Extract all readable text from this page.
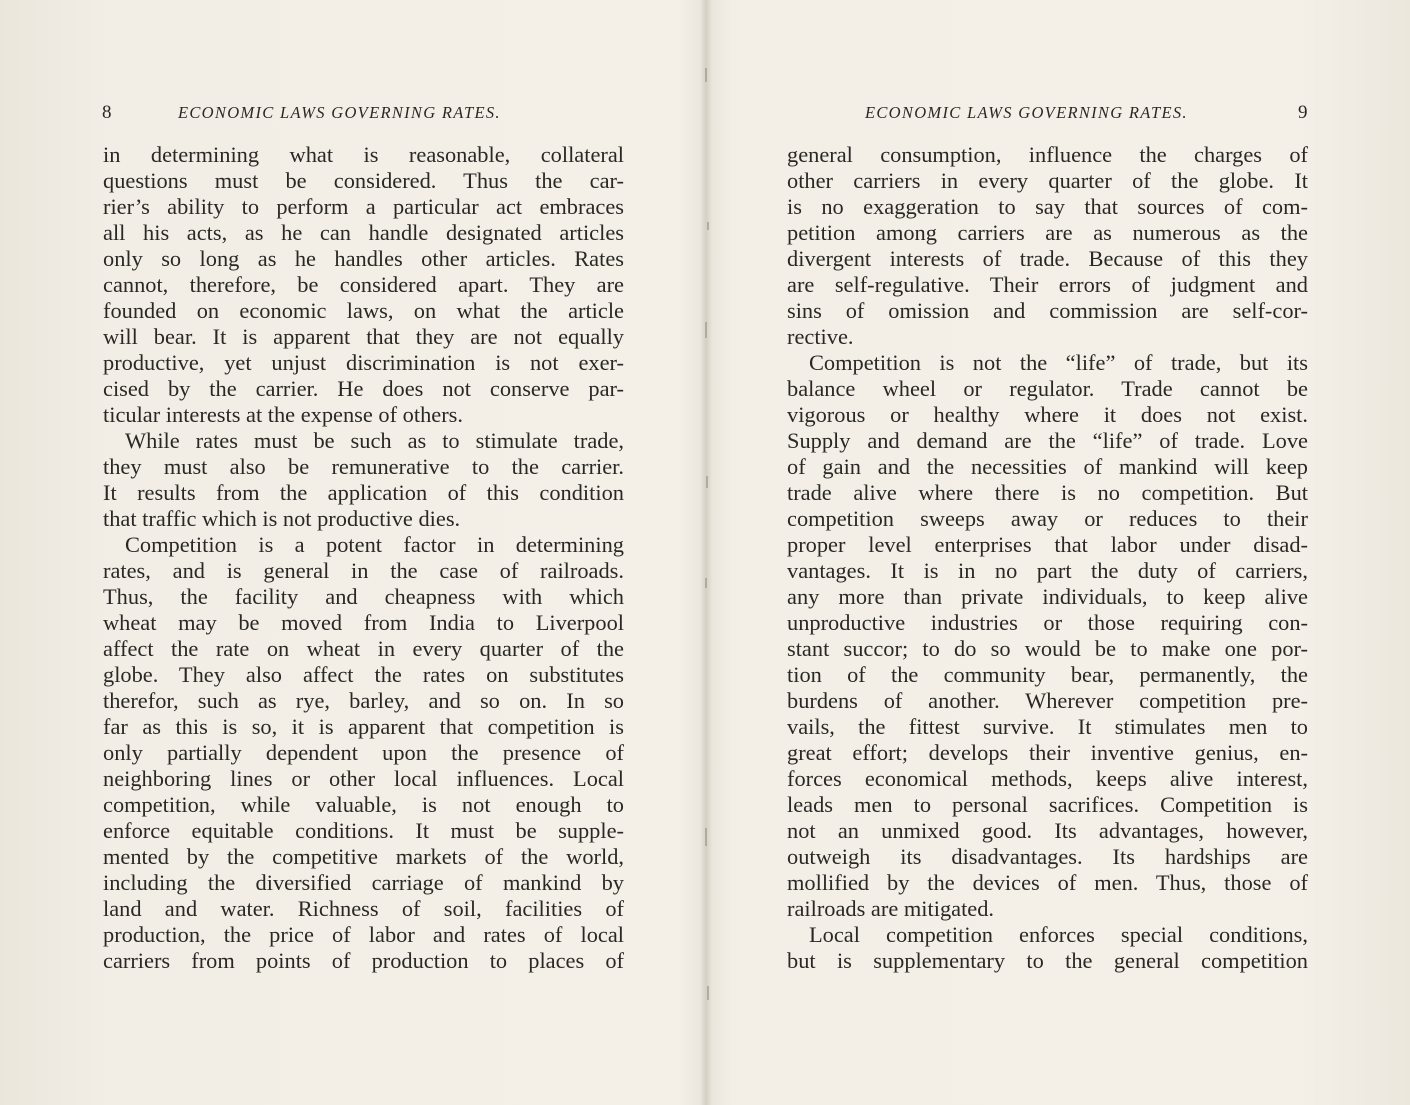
8	ECONOMIC LAWS GOVERNING RATES.
in determining what is reasonable, collateral
questions must be considered. Thus the car-
rier’s ability to perform a particular act embraces
all his acts, as he can handle designated articles
only so long as he handles other articles. Rates
cannot, therefore, be considered apart. They are
founded on economic laws, on what the article
will bear. It is apparent that they are not equally
productive, yet unjust discrimination is not exer-
cised by the carrier. He does not conserve par-
ticular interests at the expense of others.
While rates must be such as to stimulate trade,
they must also be remunerative to the carrier.
It results from the application of this condition
that traffic which is not productive dies.
Competition is a potent factor in determining
rates, and is general in the case of railroads.
Thus, the facility and cheapness with which
wheat may be moved from India to Liverpool
affect the rate on wheat in every quarter of the
globe. They also affect the rates on substitutes
therefor, such as rye, barley, and so on. In so
far as this is so, it is apparent that competition is
only partially dependent upon the presence of
neighboring lines or other local influences. Local
competition, while valuable, is not enough to
enforce equitable conditions. It must be supple-
mented by the competitive markets of the world,
including the diversified carriage of mankind by
land and water. Richness of soil, facilities of
production, the price of labor and rates of local
carriers from points of production to places of
ECONOMIC LAWS GOVERNING RATES.	9
general consumption, influence the charges of
other carriers in every quarter of the globe. It
is no exaggeration to say that sources of com-
petition among carriers are as numerous as the
divergent interests of trade. Because of this they
are self-regulative. Their errors of judgment and
sins of omission and commission are self-cor-
rective.
Competition is not the “life” of trade, but its
balance wheel or regulator. Trade cannot be
vigorous or healthy where it does not exist.
Supply and demand are the “life” of trade. Love
of gain and the necessities of mankind will keep
trade alive where there is no competition. But
competition sweeps away or reduces to their
proper level enterprises that labor under disad-
vantages. It is in no part the duty of carriers,
any more than private individuals, to keep alive
unproductive industries or those requiring con-
stant succor; to do so would be to make one por-
tion of the community bear, permanently, the
burdens of another. Wherever competition pre-
vails, the fittest survive. It stimulates men to
great effort; develops their inventive genius, en-
forces economical methods, keeps alive interest,
leads men to personal sacrifices. Competition is
not an unmixed good. Its advantages, however,
outweigh its disadvantages. Its hardships are
mollified by the devices of men. Thus, those of
railroads are mitigated.
Local competition enforces special conditions,
but is supplementary to the general competition
